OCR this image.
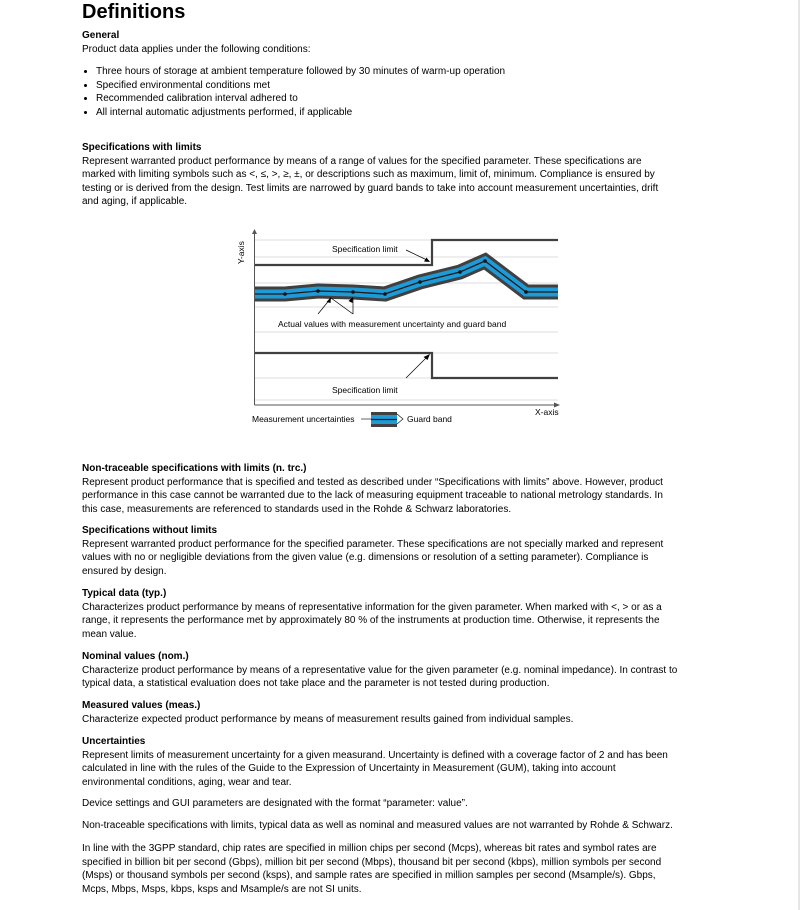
Definitions
General
Product data applies under the following conditions:
• Three hours of storage at ambient temperature followed by 30 minutes of warm-up operation
• Specified environmental conditions met
• Recommended calibration interval adhered to
• All internal automatic adjustments performed, if applicable
Specifications with limits
Represent warranted product performance by means of a range of values for the specified parameter. These specifications are
marked with limiting symbols such as <, ≤, >, ≥, ±, or descriptions such as maximum, limit of, minimum. Compliance is ensured by
testing or is derived from the design. Test limits are narrowed by guard bands to take into account measurement uncertainties, drift
and aging, if applicable.
Y-axis
X-axis
Specification limit
Actual values with measurement uncertainty and guard band
Specification limit
Measurement uncertainties	Guard band
Non-traceable specifications with limits (n. trc.)
Represent product performance that is specified and tested as described under “Specifications with limits” above. However, product
performance in this case cannot be warranted due to the lack of measuring equipment traceable to national metrology standards. In
this case, measurements are referenced to standards used in the Rohde & Schwarz laboratories.
Specifications without limits
Represent warranted product performance for the specified parameter. These specifications are not specially marked and represent
values with no or negligible deviations from the given value (e.g. dimensions or resolution of a setting parameter). Compliance is
ensured by design.
Typical data (typ.)
Characterizes product performance by means of representative information for the given parameter. When marked with <, > or as a
range, it represents the performance met by approximately 80 % of the instruments at production time. Otherwise, it represents the
mean value.
Nominal values (nom.)
Characterize product performance by means of a representative value for the given parameter (e.g. nominal impedance). In contrast to
typical data, a statistical evaluation does not take place and the parameter is not tested during production.
Measured values (meas.)
Characterize expected product performance by means of measurement results gained from individual samples.
Uncertainties
Represent limits of measurement uncertainty for a given measurand. Uncertainty is defined with a coverage factor of 2 and has been
calculated in line with the rules of the Guide to the Expression of Uncertainty in Measurement (GUM), taking into account
environmental conditions, aging, wear and tear.
Device settings and GUI parameters are designated with the format “parameter: value”.
Non-traceable specifications with limits, typical data as well as nominal and measured values are not warranted by Rohde & Schwarz.
In line with the 3GPP standard, chip rates are specified in million chips per second (Mcps), whereas bit rates and symbol rates are
specified in billion bit per second (Gbps), million bit per second (Mbps), thousand bit per second (kbps), million symbols per second
(Msps) or thousand symbols per second (ksps), and sample rates are specified in million samples per second (Msample/s). Gbps,
Mcps, Mbps, Msps, kbps, ksps and Msample/s are not SI units.
